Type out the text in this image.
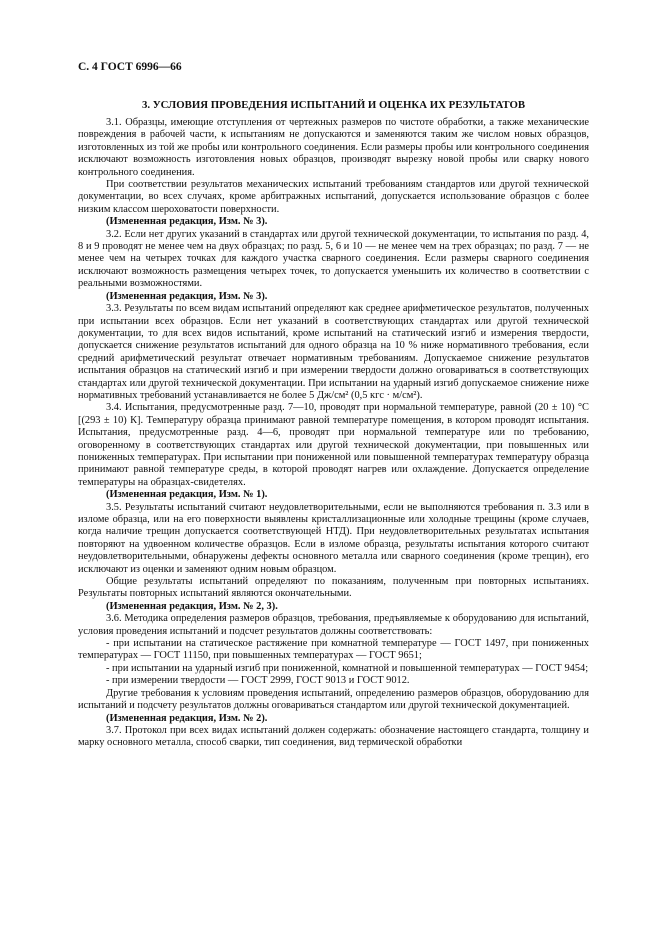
С. 4 ГОСТ 6996—66
3. УСЛОВИЯ ПРОВЕДЕНИЯ ИСПЫТАНИЙ И ОЦЕНКА ИХ РЕЗУЛЬТАТОВ

3.1. Образцы, имеющие отступления от чертежных размеров по чистоте обработки, а также механические повреждения в рабочей части, к испытаниям не допускаются и заменяются таким же числом новых образцов, изготовленных из той же пробы или контрольного соединения. Если размеры пробы или контрольного соединения исключают возможность изготовления новых образцов, производят вырезку новой пробы или сварку нового контрольного соединения.

При соответствии результатов механических испытаний требованиям стандартов или другой технической документации, во всех случаях, кроме арбитражных испытаний, допускается использование образцов с более низким классом шероховатости поверхности.

(Измененная редакция, Изм. № 3).

3.2. Если нет других указаний в стандартах или другой технической документации, то испытания по разд. 4, 8 и 9 проводят не менее чем на двух образцах; по разд. 5, 6 и 10 — не менее чем на трех образцах; по разд. 7 — не менее чем на четырех точках для каждого участка сварного соединения. Если размеры сварного соединения исключают возможность размещения четырех точек, то допускается уменьшить их количество в соответствии с реальными возможностями.

(Измененная редакция, Изм. № 3).

3.3. Результаты по всем видам испытаний определяют как среднее арифметическое результатов, полученных при испытании всех образцов. Если нет указаний в соответствующих стандартах или другой технической документации, то для всех видов испытаний, кроме испытаний на статический изгиб и измерения твердости, допускается снижение результатов испытаний для одного образца на 10 % ниже нормативного требования, если средний арифметический результат отвечает нормативным требованиям. Допускаемое снижение результатов испытания образцов на статический изгиб и при измерении твердости должно оговариваться в соответствующих стандартах или другой технической документации. При испытании на ударный изгиб допускаемое снижение ниже нормативных требований устанавливается не более 5 Дж/см² (0,5 кгс · м/см²).

3.4. Испытания, предусмотренные разд. 7—10, проводят при нормальной температуре, равной (20 ± 10) °С [(293 ± 10) К]. Температуру образца принимают равной температуре помещения, в котором проводят испытания. Испытания, предусмотренные разд. 4—6, проводят при нормальной температуре или по требованию, оговоренному в соответствующих стандартах или другой технической документации, при повышенных или пониженных температурах. При испытании при пониженной или повышенной температурах температуру образца принимают равной температуре среды, в которой проводят нагрев или охлаждение. Допускается определение температуры на образцах-свидетелях.

(Измененная редакция, Изм. № 1).

3.5. Результаты испытаний считают неудовлетворительными, если не выполняются требования п. 3.3 или в изломе образца, или на его поверхности выявлены кристаллизационные или холодные трещины (кроме случаев, когда наличие трещин допускается соответствующей НТД). При неудовлетворительных результатах испытания повторяют на удвоенном количестве образцов. Если в изломе образца, результаты испытания которого считают неудовлетворительными, обнаружены дефекты основного металла или сварного соединения (кроме трещин), его исключают из оценки и заменяют одним новым образцом.

Общие результаты испытаний определяют по показаниям, полученным при повторных испытаниях. Результаты повторных испытаний являются окончательными.

(Измененная редакция, Изм. № 2, 3).

3.6. Методика определения размеров образцов, требования, предъявляемые к оборудованию для испытаний, условия проведения испытаний и подсчет результатов должны соответствовать:

- при испытании на статическое растяжение при комнатной температуре — ГОСТ 1497, при пониженных температурах — ГОСТ 11150, при повышенных температурах — ГОСТ 9651;

- при испытании на ударный изгиб при пониженной, комнатной и повышенной температурах — ГОСТ 9454;

- при измерении твердости — ГОСТ 2999, ГОСТ 9013 и ГОСТ 9012.

Другие требования к условиям проведения испытаний, определению размеров образцов, оборудованию для испытаний и подсчету результатов должны оговариваться стандартом или другой технической документацией.

(Измененная редакция, Изм. № 2).

3.7. Протокол при всех видах испытаний должен содержать: обозначение настоящего стандарта, толщину и марку основного металла, способ сварки, тип соединения, вид термической обработки
